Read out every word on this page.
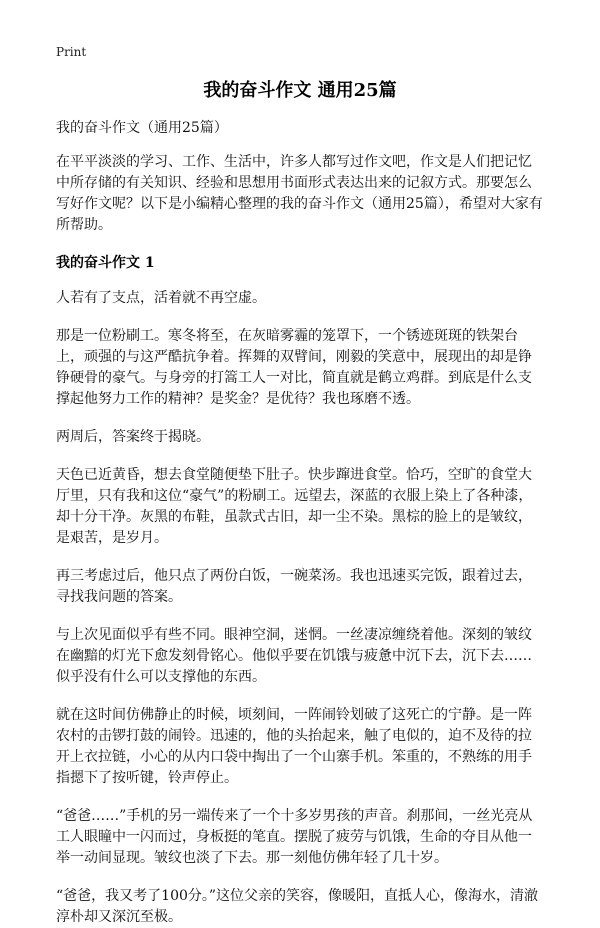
Print
我的奋斗作文 通用25篇

我的奋斗作文（通用25篇）

在平平淡淡的学习、工作、生活中，许多人都写过作文吧，作文是人们把记忆中所存储的有关知识、经验和思想用书面形式表达出来的记叙方式。那要怎么写好作文呢？以下是小编精心整理的我的奋斗作文（通用25篇），希望对大家有所帮助。

我的奋斗作文 1

人若有了支点，活着就不再空虚。

那是一位粉刷工。寒冬将至，在灰暗雾霾的笼罩下，一个锈迹斑斑的铁架台上，顽强的与这严酷抗争着。挥舞的双臂间，刚毅的笑意中，展现出的却是铮铮硬骨的豪气。与身旁的打篙工人一对比，简直就是鹤立鸡群。到底是什么支撑起他努力工作的精神？是奖金？是优待？我也琢磨不透。

两周后，答案终于揭晓。

天色已近黄昏，想去食堂随便垫下肚子。快步蹿进食堂。恰巧，空旷的食堂大厅里，只有我和这位“豪气”的粉刷工。远望去，深蓝的衣服上染上了各种漆，却十分干净。灰黑的布鞋，虽款式古旧，却一尘不染。黑棕的脸上的是皱纹，是艰苦，是岁月。

再三考虑过后，他只点了两份白饭，一碗菜汤。我也迅速买完饭，跟着过去，寻找我问题的答案。

与上次见面似乎有些不同。眼神空洞，迷惘。一丝凄凉缠绕着他。深刻的皱纹在幽黯的灯光下愈发刻骨铭心。他似乎要在饥饿与疲惫中沉下去，沉下去……似乎没有什么可以支撑他的东西。

就在这时间仿佛静止的时候，顷刻间，一阵闹铃划破了这死亡的宁静。是一阵农村的击锣打鼓的闹铃。迅速的，他的头抬起来，触了电似的，迫不及待的拉开上衣拉链，小心的从内口袋中掏出了一个山寨手机。笨重的，不熟练的用手指摁下了按听键，铃声停止。

“爸爸……”手机的另一端传来了一个十多岁男孩的声音。刹那间，一丝光亮从工人眼瞳中一闪而过，身板挺的笔直。摆脱了疲劳与饥饿，生命的夺目从他一举一动间显现。皱纹也淡了下去。那一刻他仿佛年轻了几十岁。

“爸爸，我又考了100分。”这位父亲的笑容，像暖阳，直抵人心，像海水，清澈淳朴却又深沉至极。
